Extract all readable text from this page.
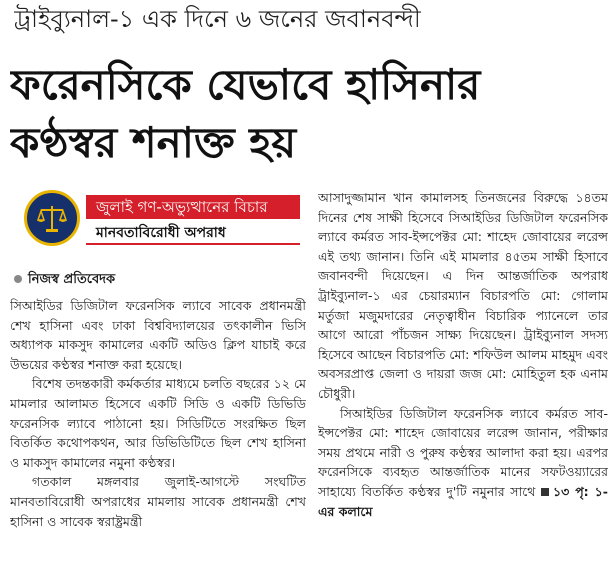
ট্রাইব্যুনাল-১ এক দিনে ৬ জনের জবানবন্দী
ফরেনসিকে যেভাবে হাসিনার
কণ্ঠস্বর শনাক্ত হয়
জুলাই গণ-অভ্যুত্থানের বিচার
মানবতাবিরোধী অপরাধ
নিজস্ব প্রতিবেদক

সিআইডির ডিজিটাল ফরেনসিক ল্যাবে সাবেক প্রধানমন্ত্রী শেখ হাসিনা এবং ঢাকা বিশ্ববিদ্যালয়ের তৎকালীন ভিসি অধ্যাপক মাকসুদ কামালের একটি অডিও ক্লিপ যাচাই করে উভয়ের কণ্ঠস্বর শনাক্ত করা হয়েছে।

বিশেষ তদন্তকারী কর্মকর্তার মাধ্যমে চলতি বছরের ১২ মে মামলার আলামত হিসেবে একটি সিডি ও একটি ডিভিডি ফরেনসিক ল্যাবে পাঠানো হয়। সিডিটিতে সংরক্ষিত ছিল বিতর্কিত কথোপকথন, আর ডিভিডিটিতে ছিল শেখ হাসিনা ও মাকসুদ কামালের নমুনা কণ্ঠস্বর।

গতকাল মঙ্গলবার জুলাই-আগস্টে সংঘটিত মানবতাবিরোধী অপরাধের মামলায় সাবেক প্রধানমন্ত্রী শেখ হাসিনা ও সাবেক স্বরাষ্ট্রমন্ত্রী

আসাদুজ্জামান খান কামালসহ তিনজনের বিরুদ্ধে ১৪তম দিনের শেষ সাক্ষী হিসেবে সিআইডির ডিজিটাল ফরেনসিক ল্যাবে কর্মরত সাব-ইন্সপেক্টর মো: শাহেদ জোবায়ের লরেন্স এই তথ্য জানান। তিনি এই মামলার ৪৫তম সাক্ষী হিসাবে জবানবন্দী দিয়েছেন। এ দিন আন্তর্জাতিক অপরাধ ট্রাইব্যুনাল-১ এর চেয়ারম্যান বিচারপতি মো: গোলাম মর্তুজা মজুমদারের নেতৃত্বাধীন বিচারিক প্যানেলে তার আগে আরো পাঁচজন সাক্ষ্য দিয়েছেন। ট্রাইব্যুনাল সদস্য হিসেবে আছেন বিচারপতি মো: শফিউল আলম মাহমুদ এবং অবসরপ্রাপ্ত জেলা ও দায়রা জজ মো: মোহিতুল হক এনাম চৌধুরী।

সিআইডির ডিজিটাল ফরেনসিক ল্যাবে কর্মরত সাব-ইন্সপেক্টর মো: শাহেদ জোবায়ের লরেন্স জানান, পরীক্ষার সময় প্রথমে নারী ও পুরুষ কণ্ঠস্বর আলাদা করা হয়। এরপর ফরেনসিকে ব্যবহৃত আন্তর্জাতিক মানের সফটওয়্যারের সাহায্যে বিতর্কিত কণ্ঠস্বর দু'টি নমুনার সাথে ১৩ পৃ: ১-এর কলামে
